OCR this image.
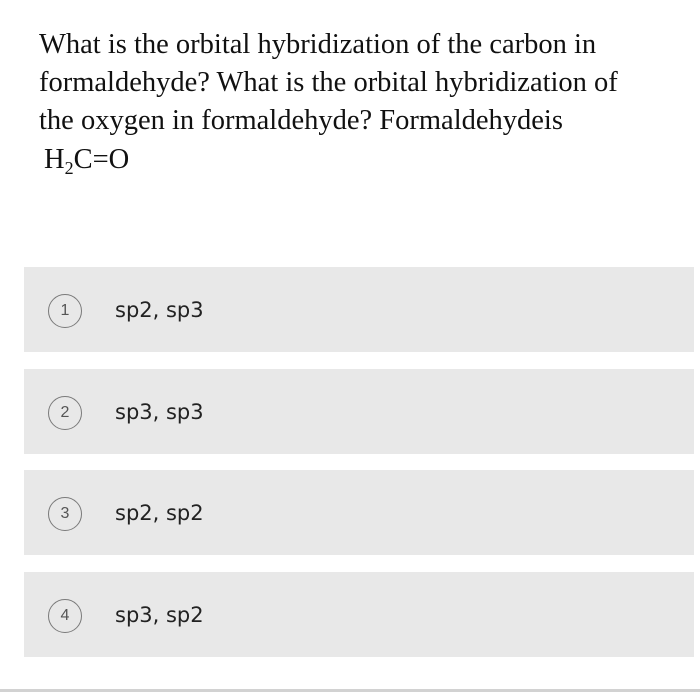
What is the orbital hybridization of the carbon in
formaldehyde? What is the orbital hybridization of
the oxygen in formaldehyde? Formaldehydeis
$H_2C=O$
1	sp2, sp3
2	sp3, sp3
3	sp2, sp2
4	sp3, sp2
